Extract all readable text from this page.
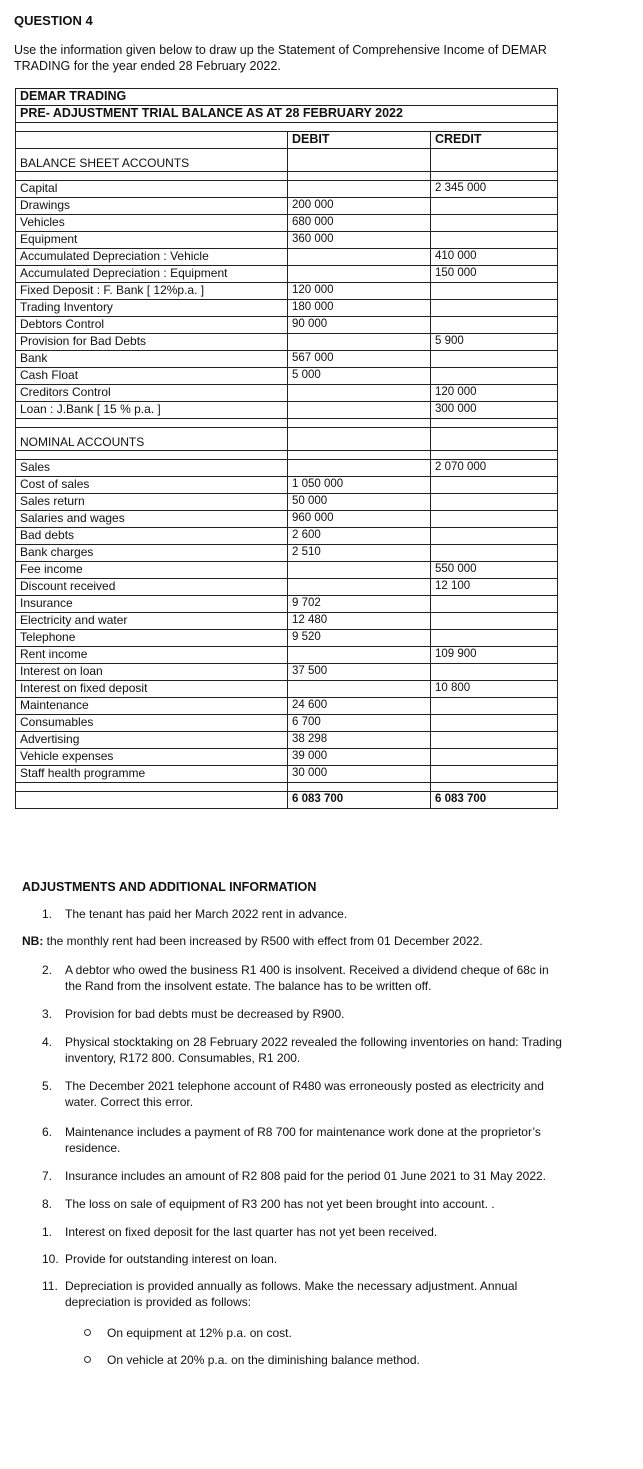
QUESTION 4
Use the information given below to draw up the Statement of Comprehensive Income of DEMAR TRADING for the year ended 28 February 2022.
DEMAR TRADING		
PRE- ADJUSTMENT TRIAL BALANCE AS AT 28 FEBRUARY 2022		

	DEBIT	CREDIT
BALANCE SHEET ACCOUNTS		

Capital		2 345 000
Drawings	200 000	
Vehicles	680 000	
Equipment	360 000	
Accumulated Depreciation : Vehicle		410 000
Accumulated Depreciation : Equipment		150 000
Fixed Deposit : F. Bank [ 12%p.a. ]	120 000	
Trading Inventory	180 000	
Debtors Control	90 000	
Provision for Bad Debts		5 900
Bank	567 000	
Cash Float	5 000	
Creditors Control		120 000
Loan : J.Bank [ 15 % p.a. ]		300 000

NOMINAL ACCOUNTS		

Sales		2 070 000
Cost of sales	1 050 000	
Sales return	50 000	
Salaries and wages	960 000	
Bad debts	2 600	
Bank charges	2 510	
Fee income		550 000
Discount received		12 100
Insurance	9 702	
Electricity and water	12 480	
Telephone	9 520	
Rent income		109 900
Interest on loan	37 500	
Interest on fixed deposit		10 800
Maintenance	24 600	
Consumables	6 700	
Advertising	38 298	
Vehicle expenses	39 000	
Staff health programme	30 000	

	6 083 700	6 083 700
ADJUSTMENTS AND ADDITIONAL INFORMATION
1. The tenant has paid her March 2022 rent in advance.
NB: the monthly rent had been increased by R500 with effect from 01 December 2022.
2. A debtor who owed the business R1 400 is insolvent. Received a dividend cheque of 68c in the Rand from the insolvent estate. The balance has to be written off.
3. Provision for bad debts must be decreased by R900.
4. Physical stocktaking on 28 February 2022 revealed the following inventories on hand: Trading inventory, R172 800. Consumables, R1 200.
5. The December 2021 telephone account of R480 was erroneously posted as electricity and water. Correct this error.
6. Maintenance includes a payment of R8 700 for maintenance work done at the proprietor’s residence.
7. Insurance includes an amount of R2 808 paid for the period 01 June 2021 to 31 May 2022.
8. The loss on sale of equipment of R3 200 has not yet been brought into account. .
1. Interest on fixed deposit for the last quarter has not yet been received.
10. Provide for outstanding interest on loan.
11. Depreciation is provided annually as follows. Make the necessary adjustment. Annual depreciation is provided as follows:
On equipment at 12% p.a. on cost.
On vehicle at 20% p.a. on the diminishing balance method.
